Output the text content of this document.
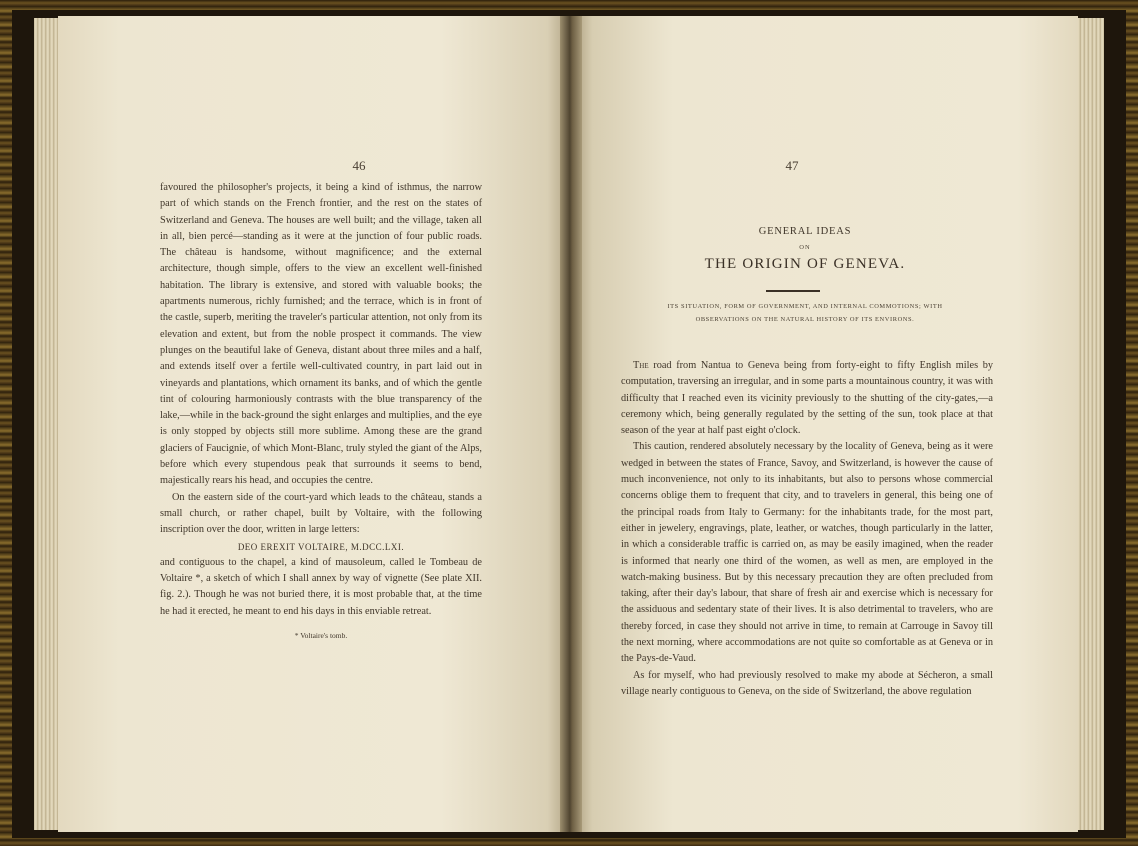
46

favoured the philosopher's projects, it being a kind of isthmus, the narrow part of which stands on the French frontier, and the rest on the states of Switzerland and Geneva. The houses are well built; and the village, taken all in all, bien percé—standing as it were at the junction of four public roads. The château is handsome, without magnificence; and the external architecture, though simple, offers to the view an excellent well-finished habitation. The library is extensive, and stored with valuable books; the apartments numerous, richly furnished; and the terrace, which is in front of the castle, superb, meriting the traveler's particular attention, not only from its elevation and extent, but from the noble prospect it commands. The view plunges on the beautiful lake of Geneva, distant about three miles and a half, and extends itself over a fertile well-cultivated country, in part laid out in vineyards and plantations, which ornament its banks, and of which the gentle tint of colouring harmoniously contrasts with the blue transparency of the lake,—while in the back-ground the sight enlarges and multiplies, and the eye is only stopped by objects still more sublime. Among these are the grand glaciers of Faucignie, of which Mont-Blanc, truly styled the giant of the Alps, before which every stupendous peak that surrounds it seems to bend, majestically rears his head, and occupies the centre.

On the eastern side of the court-yard which leads to the château, stands a small church, or rather chapel, built by Voltaire, with the following inscription over the door, written in large letters:

DEO EREXIT VOLTAIRE, M.DCC.LXI.

and contiguous to the chapel, a kind of mausoleum, called le Tombeau de Voltaire *, a sketch of which I shall annex by way of vignette (See plate XII. fig. 2.). Though he was not buried there, it is most probable that, at the time he had it erected, he meant to end his days in this enviable retreat.

* Voltaire's tomb.

47
GENERAL IDEAS
ON
THE ORIGIN OF GENEVA.
ITS SITUATION, FORM OF GOVERNMENT, AND INTERNAL COMMOTIONS; WITH
OBSERVATIONS ON THE NATURAL HISTORY OF ITS ENVIRONS.

The road from Nantua to Geneva being from forty-eight to fifty English miles by computation, traversing an irregular, and in some parts a mountainous country, it was with difficulty that I reached even its vicinity previously to the shutting of the city-gates,—a ceremony which, being generally regulated by the setting of the sun, took place at that season of the year at half past eight o'clock.

This caution, rendered absolutely necessary by the locality of Geneva, being as it were wedged in between the states of France, Savoy, and Switzerland, is however the cause of much inconvenience, not only to its inhabitants, but also to persons whose commercial concerns oblige them to frequent that city, and to travelers in general, this being one of the principal roads from Italy to Germany: for the inhabitants trade, for the most part, either in jewelery, engravings, plate, leather, or watches, though particularly in the latter, in which a considerable traffic is carried on, as may be easily imagined, when the reader is informed that nearly one third of the women, as well as men, are employed in the watch-making business. But by this necessary precaution they are often precluded from taking, after their day's labour, that share of fresh air and exercise which is necessary for the assiduous and sedentary state of their lives. It is also detrimental to travelers, who are thereby forced, in case they should not arrive in time, to remain at Carrouge in Savoy till the next morning, where accommodations are not quite so comfortable as at Geneva or in the Pays-de-Vaud.

As for myself, who had previously resolved to make my abode at Sécheron, a small village nearly contiguous to Geneva, on the side of Switzerland, the above regulation
